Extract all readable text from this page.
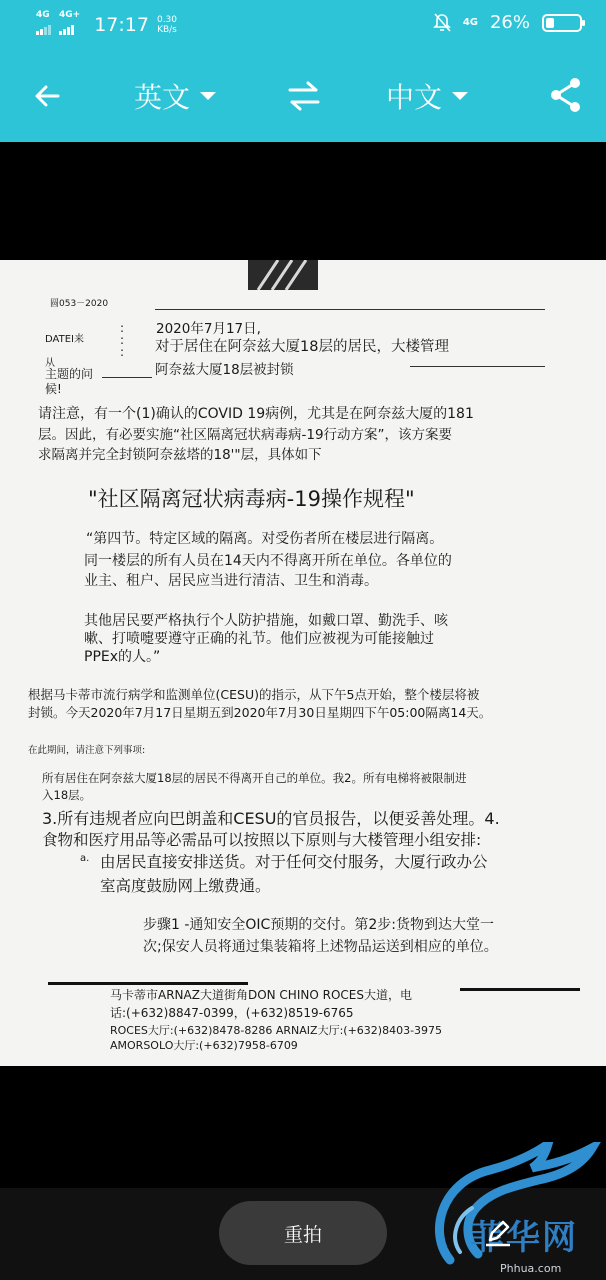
4G 4G+ 17:17 0.30
KB/s
4G 26%
英文	中文
圆053－2020
DATEI来
从
主题的问
候!
:
:
:
2020年7月17日,
对于居住在阿奈兹大厦18层的居民，大楼管理
阿奈兹大厦18层被封锁
请注意，有一个(1)确认的COVID 19病例，尤其是在阿奈兹大厦的181
层。因此，有必要实施“社区隔离冠状病毒病-19行动方案”，该方案要
求隔离并完全封锁阿奈兹塔的18'"层，具体如下
"社区隔离冠状病毒病-19操作规程"
“第四节。特定区域的隔离。对受伤者所在楼层进行隔离。
同一楼层的所有人员在14天内不得离开所在单位。各单位的
业主、租户、居民应当进行清洁、卫生和消毒。
其他居民要严格执行个人防护措施，如戴口罩、勤洗手、咳
嗽、打喷嚏要遵守正确的礼节。他们应被视为可能接触过
PPEx的人。”
根据马卡蒂市流行病学和监测单位(CESU)的指示，从下午5点开始，整个楼层将被
封锁。今天2020年7月17日星期五到2020年7月30日星期四下午05:00隔离14天。
在此期间，请注意下列事项:
所有居住在阿奈兹大厦18层的居民不得离开自己的单位。我2。所有电梯将被限制进
入18层。
3.所有违规者应向巴朗盖和CESU的官员报告，以便妥善处理。4.
食物和医疗用品等必需品可以按照以下原则与大楼管理小组安排:
a. 由居民直接安排送货。对于任何交付服务，大厦行政办公
室高度鼓励网上缴费通。
步骤1 -通知安全OIC预期的交付。第2步:货物到达大堂一
次;保安人员将通过集装箱将上述物品运送到相应的单位。
马卡蒂市ARNAZ大道街角DON CHINO ROCES大道，电
话:(+632)8847-0399，(+632)8519-6765
ROCES大厅:(+632)8478-8286 ARNAIZ大厅:(+632)8403-3975
AMORSOLO大厅:(+632)7958-6709
重拍	菲华网
Phhua.com
